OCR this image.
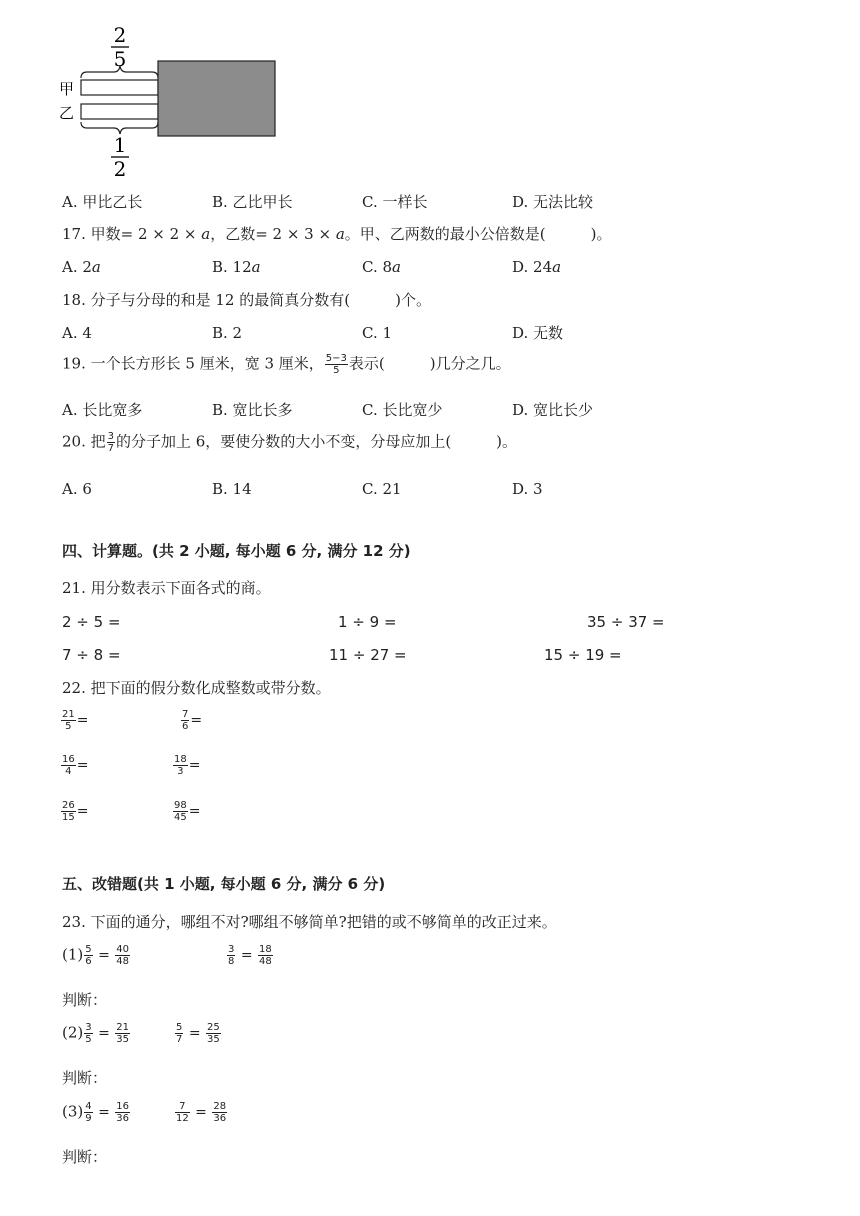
2
5
甲
乙
1
2
A. 甲比乙长	B. 乙比甲长	C. 一样长	D. 无法比较
17. 甲数= 2 × 2 × 𝑎，乙数= 2 × 3 × 𝑎。甲、乙两数的最小公倍数是(　　　)。
A. 2𝑎	B. 12𝑎	C. 8𝑎	D. 24𝑎
18. 分子与分母的和是 12 的最简真分数有(　　　)个。
A. 4	B. 2	C. 1	D. 无数
19. 一个长方形长 5 厘米，宽 3 厘米， $\frac{5-3}{5}$ 表示(　　　)几分之几。
A. 长比宽多	B. 宽比长多	C. 长比宽少	D. 宽比长少
20. 把 $\frac{3}{7}$ 的分子加上 6，要使分数的大小不变，分母应加上(　　　)。
A. 6	B. 14	C. 21	D. 3
四、计算题。(共 2 小题, 每小题 6 分, 满分 12 分)
21. 用分数表示下面各式的商。
2 ÷ 5 =	1 ÷ 9 =	35 ÷ 37 =
7 ÷ 8 =	11 ÷ 27 =	15 ÷ 19 =
22. 把下面的假分数化成整数或带分数。
$\frac{21}{5}$ =	$\frac{7}{6}$ =
$\frac{16}{4}$ =	$\frac{18}{3}$ =
$\frac{26}{15}$ =	$\frac{98}{45}$ =
五、改错题(共 1 小题, 每小题 6 分, 满分 6 分)
23. 下面的通分，哪组不对?哪组不够简单?把错的或不够简单的改正过来。
$(1) \frac{5}{6} = \frac{40}{48}$	$\frac{3}{8} = \frac{18}{48}$
判断：
$(2) \frac{3}{5} = \frac{21}{35}$	$\frac{5}{7} = \frac{25}{35}$
判断：
$(3) \frac{4}{9} = \frac{16}{36}$	$\frac{7}{12} = \frac{28}{36}$
判断：
